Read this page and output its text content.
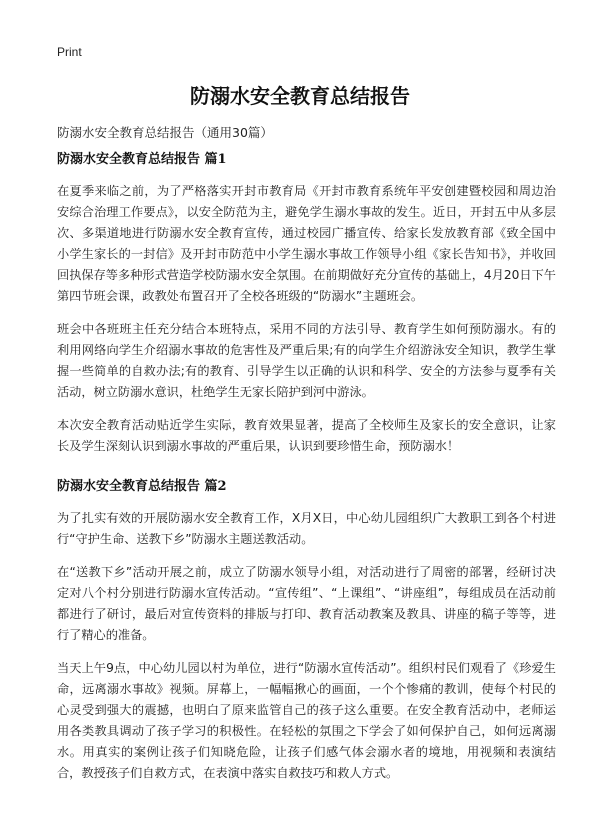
Print
防溺水安全教育总结报告
防溺水安全教育总结报告（通用30篇）
防溺水安全教育总结报告 篇1

在夏季来临之前，为了严格落实开封市教育局《开封市教育系统年平安创建暨校园和周边治安综合治理工作要点》，以安全防范为主，避免学生溺水事故的发生。近日，开封五中从多层次、多渠道地进行防溺水安全教育宣传，通过校园广播宣传、给家长发放教育部《致全国中小学生家长的一封信》及开封市防范中小学生溺水事故工作领导小组《家长告知书》，并收回回执保存等多种形式营造学校防溺水安全氛围。在前期做好充分宣传的基础上，4月20日下午第四节班会课，政教处布置召开了全校各班级的“防溺水”主题班会。

班会中各班班主任充分结合本班特点，采用不同的方法引导、教育学生如何预防溺水。有的利用网络向学生介绍溺水事故的危害性及严重后果;有的向学生介绍游泳安全知识，教学生掌握一些简单的自救办法;有的教育、引导学生以正确的认识和科学、安全的方法参与夏季有关活动，树立防溺水意识，杜绝学生无家长陪护到河中游泳。

本次安全教育活动贴近学生实际，教育效果显著，提高了全校师生及家长的安全意识，让家长及学生深刻认识到溺水事故的严重后果，认识到要珍惜生命，预防溺水！

防溺水安全教育总结报告 篇2

为了扎实有效的开展防溺水安全教育工作，X月X日，中心幼儿园组织广大教职工到各个村进行“守护生命、送教下乡”防溺水主题送教活动。

在“送教下乡”活动开展之前，成立了防溺水领导小组，对活动进行了周密的部署，经研讨决定对八个村分别进行防溺水宣传活动。“宣传组”、“上课组”、“讲座组”，每组成员在活动前都进行了研讨，最后对宣传资料的排版与打印、教育活动教案及教具、讲座的稿子等等，进行了精心的准备。

当天上午9点，中心幼儿园以村为单位，进行“防溺水宣传活动”。组织村民们观看了《珍爱生命，远离溺水事故》视频。屏幕上，一幅幅揪心的画面，一个个惨痛的教训，使每个村民的心灵受到强大的震撼，也明白了原来监管自己的孩子这么重要。在安全教育活动中，老师运用各类教具调动了孩子学习的积极性。在轻松的氛围之下学会了如何保护自己，如何远离溺水。用真实的案例让孩子们知晓危险，让孩子们感气体会溺水者的境地，用视频和表演结合，教授孩子们自救方式，在表演中落实自救技巧和救人方式。
